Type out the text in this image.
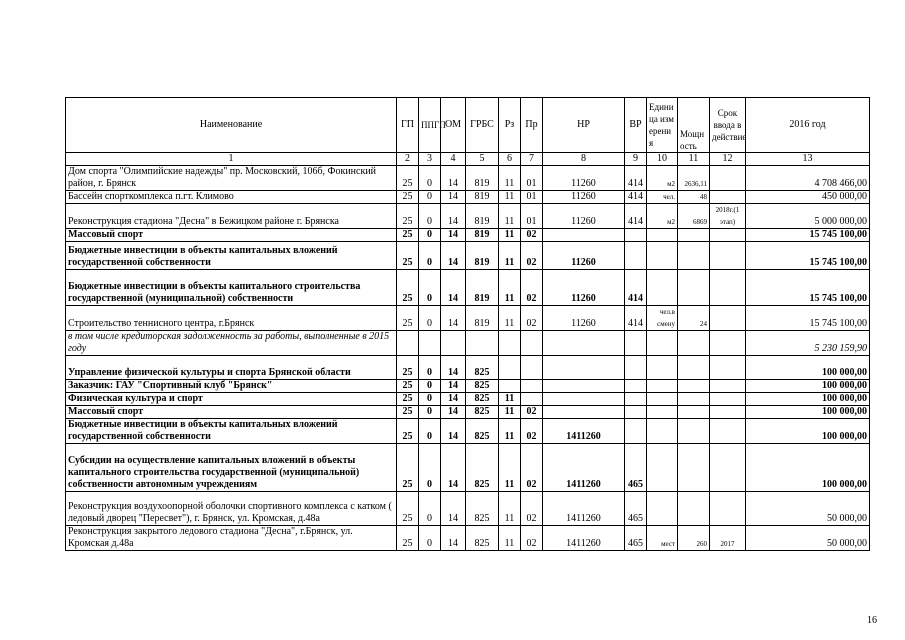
Наименование	ГП	ППГП	ОМ	ГРБС	Рз	Пр	НР	ВР	Единица измерения	Мощность	Срок ввода в действие	2016 год
1	2	3	4	5	6	7	8	9	10	11	12	13
Дом спорта "Олимпийские надежды" пр. Московский, 106б, Фокинский район, г. Брянск	25	0	14	819	11	01	11260	414	м2	2636,11		4 708 466,00
Бассейн спорткомплекса п.гт. Климово	25	0	14	819	11	01	11260	414	чел.	48		450 000,00
Реконструкция стадиона "Десна" в Бежицком районе г. Брянска	25	0	14	819	11	01	11260	414	м2	6869	2018г.(1 этап)	5 000 000,00
Массовый спорт	25	0	14	819	11	02						15 745 100,00
Бюджетные инвестиции в объекты капитальных вложений государственной собственности	25	0	14	819	11	02	11260					15 745 100,00
Бюджетные инвестиции в объекты капитального строительства государственной (муниципальной) собственности	25	0	14	819	11	02	11260	414				15 745 100,00
Строительство теннисного центра, г.Брянск	25	0	14	819	11	02	11260	414	чел.в смену	24		15 745 100,00
в том числе кредиторская задолженность за работы, выполненные в 2015 году												5 230 159,90
Управление физической культуры и спорта Брянской области	25	0	14	825								100 000,00
Заказчик: ГАУ "Спортивный клуб "Брянск"	25	0	14	825								100 000,00
Физическая культура и спорт	25	0	14	825	11							100 000,00
Массовый спорт	25	0	14	825	11	02						100 000,00
Бюджетные инвестиции в объекты капитальных вложений государственной собственности	25	0	14	825	11	02	1411260					100 000,00
Субсидии на осуществление капитальных вложений в объекты капитального строительства государственной (муниципальной) собственности автономным учреждениям	25	0	14	825	11	02	1411260	465				100 000,00
Реконструкция воздухоопорной оболочки спортивного комплекса с катком ( ледовый дворец "Пересвет"), г. Брянск, ул. Кромская, д.48а	25	0	14	825	11	02	1411260	465				50 000,00
Реконструкция закрытого ледового стадиона "Десна", г.Брянск, ул. Кромская д.48а	25	0	14	825	11	02	1411260	465	мест	260	2017	50 000,00
16
